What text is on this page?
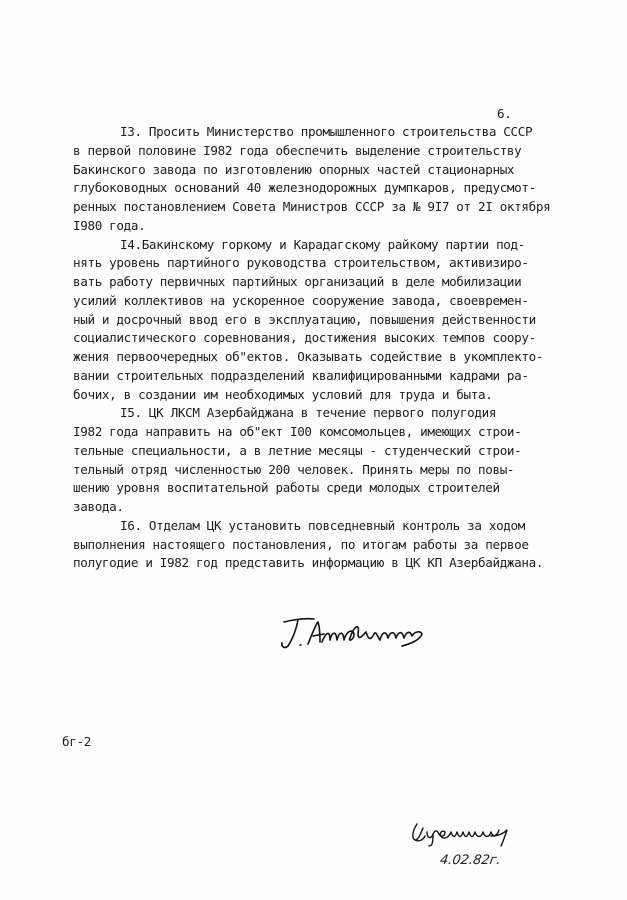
6.
I3. Просить Министерство промышленного строительства СССР
в первой половине I982 года обеспечить выделение строительству
Бакинского завода по изготовлению опорных частей стационарных
глубоководных оснований 40 железнодорожных думпкаров, предусмот-
ренных постановлением Совета Министров СССР за № 9I7 от 2I октября
I980 года.
I4.Бакинскому горкому и Карадагскому райкому партии под-
нять уровень партийного руководства строительством, активизиро-
вать работу первичных партийных организаций в деле мобилизации
усилий коллективов на ускоренное сооружение завода, своевремен-
ный и досрочный ввод его в эксплуатацию, повышения действенности
социалистического соревнования, достижения высоких темпов соору-
жения первоочередных об"ектов. Оказывать содействие в укомплекто-
вании строительных подразделений квалифицированными кадрами ра-
бочих, в создании им необходимых условий для труда и быта.
I5. ЦК ЛКСМ Азербайджана в течение первого полугодия
I982 года направить на об"ект I00 комсомольцев, имеющих строи-
тельные специальности, а в летние месяцы - студенческий строи-
тельный отряд численностью 200 человек. Принять меры по повы-
шению уровня воспитательной работы среди молодых строителей
завода.
I6. Отделам ЦК установить повседневный контроль за ходом
выполнения настоящего постановления, по итогам работы за первое
полугодие и I982 год представить информацию в ЦК КП Азербайджана.
бг-2
4.02.82г.
